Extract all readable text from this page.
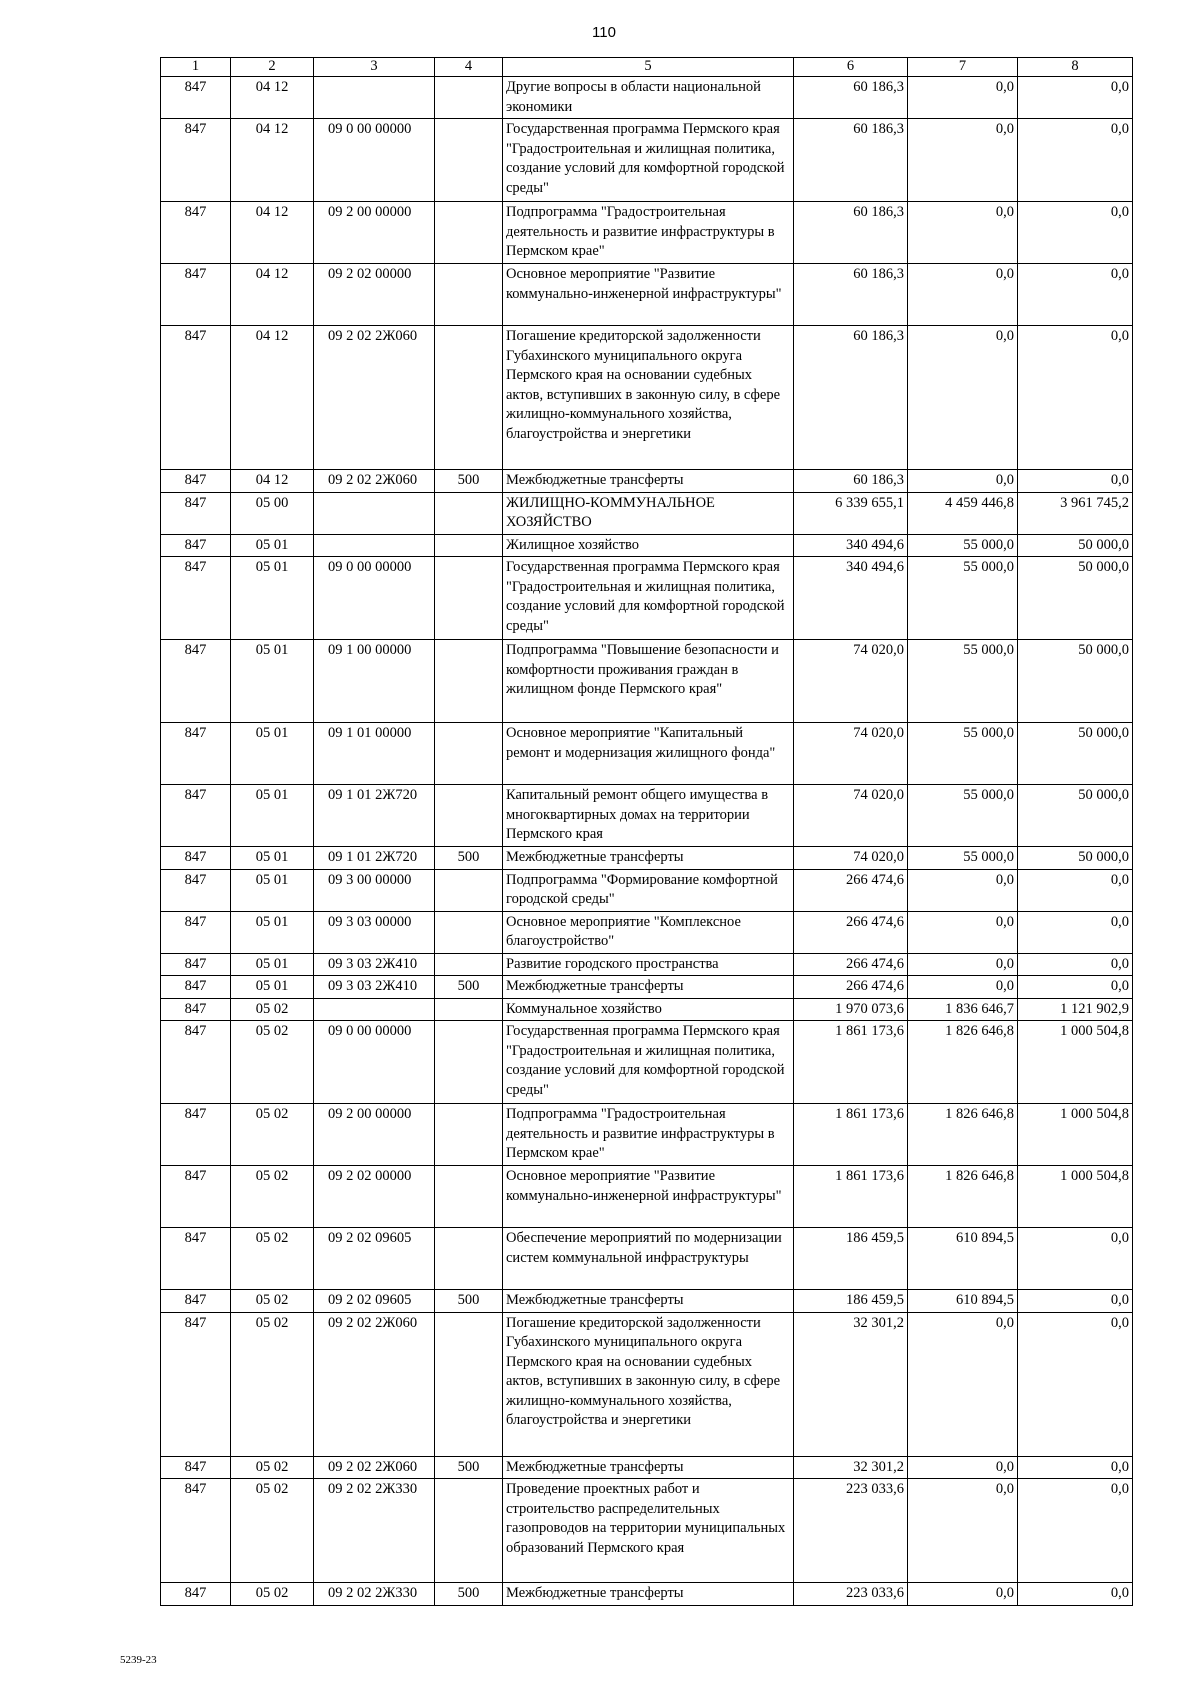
110
1	2	3	4	5	6	7	8
847	04 12			Другие вопросы в области национальной экономики	60 186,3	0,0	0,0
847	04 12	09 0 00 00000		Государственная программа Пермского края "Градостроительная и жилищная политика, создание условий для комфортной городской среды"	60 186,3	0,0	0,0
847	04 12	09 2 00 00000		Подпрограмма "Градостроительная деятельность и развитие инфраструктуры в Пермском крае"	60 186,3	0,0	0,0
847	04 12	09 2 02 00000		Основное мероприятие "Развитие коммунально-инженерной инфраструктуры"	60 186,3	0,0	0,0
847	04 12	09 2 02 2Ж060		Погашение кредиторской задолженности Губахинского муниципального округа Пермского края на основании судебных актов, вступивших в законную силу, в сфере жилищно-коммунального хозяйства, благоустройства и энергетики	60 186,3	0,0	0,0
847	04 12	09 2 02 2Ж060	500	Межбюджетные трансферты	60 186,3	0,0	0,0
847	05 00			ЖИЛИЩНО-КОММУНАЛЬНОЕ ХОЗЯЙСТВО	6 339 655,1	4 459 446,8	3 961 745,2
847	05 01			Жилищное хозяйство	340 494,6	55 000,0	50 000,0
847	05 01	09 0 00 00000		Государственная программа Пермского края "Градостроительная и жилищная политика, создание условий для комфортной городской среды"	340 494,6	55 000,0	50 000,0
847	05 01	09 1 00 00000		Подпрограмма "Повышение безопасности и комфортности проживания граждан в жилищном фонде Пермского края"	74 020,0	55 000,0	50 000,0
847	05 01	09 1 01 00000		Основное мероприятие "Капитальный ремонт и модернизация жилищного фонда"	74 020,0	55 000,0	50 000,0
847	05 01	09 1 01 2Ж720		Капитальный ремонт общего имущества в многоквартирных домах на территории Пермского края	74 020,0	55 000,0	50 000,0
847	05 01	09 1 01 2Ж720	500	Межбюджетные трансферты	74 020,0	55 000,0	50 000,0
847	05 01	09 3 00 00000		Подпрограмма "Формирование комфортной городской среды"	266 474,6	0,0	0,0
847	05 01	09 3 03 00000		Основное мероприятие "Комплексное благоустройство"	266 474,6	0,0	0,0
847	05 01	09 3 03 2Ж410		Развитие городского пространства	266 474,6	0,0	0,0
847	05 01	09 3 03 2Ж410	500	Межбюджетные трансферты	266 474,6	0,0	0,0
847	05 02			Коммунальное хозяйство	1 970 073,6	1 836 646,7	1 121 902,9
847	05 02	09 0 00 00000		Государственная программа Пермского края "Градостроительная и жилищная политика, создание условий для комфортной городской среды"	1 861 173,6	1 826 646,8	1 000 504,8
847	05 02	09 2 00 00000		Подпрограмма "Градостроительная деятельность и развитие инфраструктуры в Пермском крае"	1 861 173,6	1 826 646,8	1 000 504,8
847	05 02	09 2 02 00000		Основное мероприятие "Развитие коммунально-инженерной инфраструктуры"	1 861 173,6	1 826 646,8	1 000 504,8
847	05 02	09 2 02 09605		Обеспечение мероприятий по модернизации систем коммунальной инфраструктуры	186 459,5	610 894,5	0,0
847	05 02	09 2 02 09605	500	Межбюджетные трансферты	186 459,5	610 894,5	0,0
847	05 02	09 2 02 2Ж060		Погашение кредиторской задолженности Губахинского муниципального округа Пермского края на основании судебных актов, вступивших в законную силу, в сфере жилищно-коммунального хозяйства, благоустройства и энергетики	32 301,2	0,0	0,0
847	05 02	09 2 02 2Ж060	500	Межбюджетные трансферты	32 301,2	0,0	0,0
847	05 02	09 2 02 2Ж330		Проведение проектных работ и строительство распределительных газопроводов на территории муниципальных образований Пермского края	223 033,6	0,0	0,0
847	05 02	09 2 02 2Ж330	500	Межбюджетные трансферты	223 033,6	0,0	0,0
5239-23
